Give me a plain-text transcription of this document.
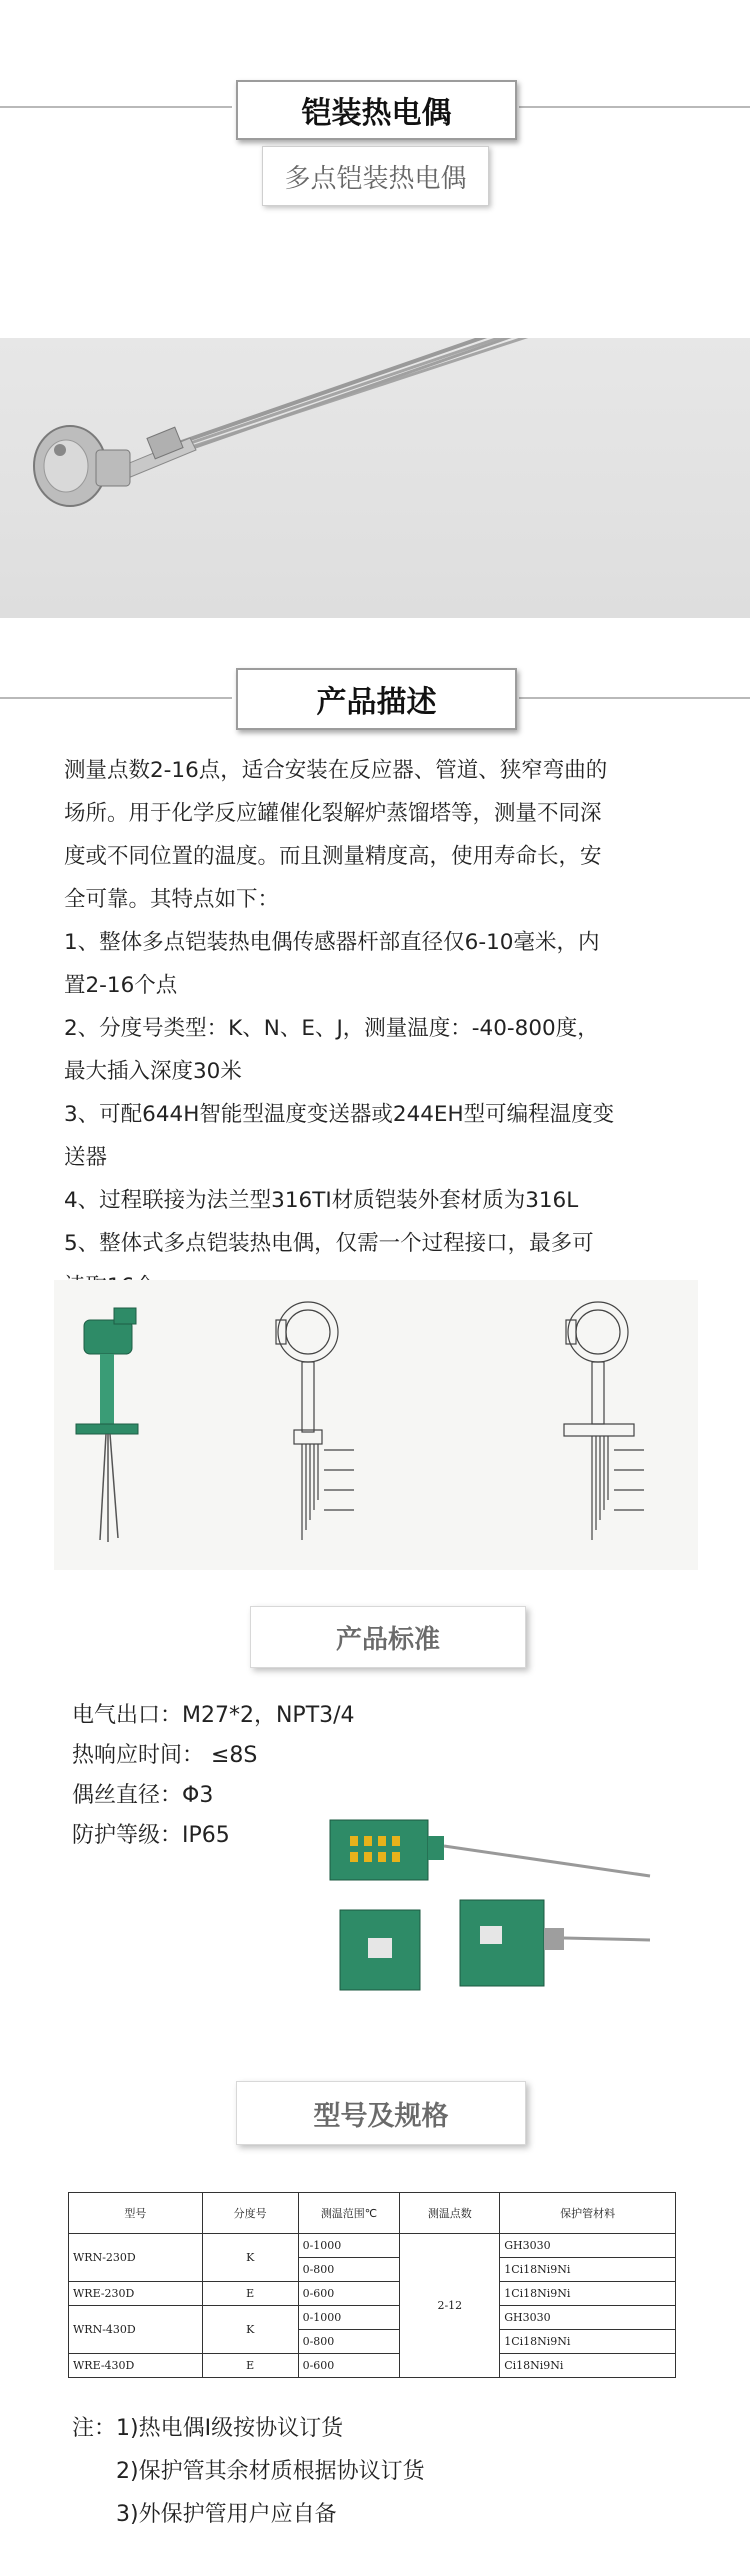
铠装热电偶
多点铠装热电偶
产品描述
测量点数2-16点，适合安装在反应器、管道、狭窄弯曲的
场所。用于化学反应罐催化裂解炉蒸馏塔等，测量不同深
度或不同位置的温度。而且测量精度高，使用寿命长，安
全可靠。其特点如下：
1、整体多点铠装热电偶传感器杆部直径仅6-10毫米，内
置2-16个点
2、分度号类型：K、N、E、J，测量温度：-40-800度，
最大插入深度30米
3、可配644H智能型温度变送器或244EH型可编程温度变
送器
4、过程联接为法兰型316TI材质铠装外套材质为316L
5、整体式多点铠装热电偶，仅需一个过程接口，最多可
产品标准
电气出口：M27*2，NPT3/4
热响应时间： ≤8S
偶丝直径：Φ3
防护等级：IP65
型号及规格
型号	分度号	测温范围℃	测温点数	保护管材料
WRN-230D	K	0-1000	2-12	GH3030
		0-800		1Ci18Ni9Ni
WRE-230D	E	0-600		1Ci18Ni9Ni
WRN-430D	K	0-1000		GH3030
		0-800		1Ci18Ni9Ni
WRE-430D	E	0-600		Ci18Ni9Ni
注：1)热电偶Ⅰ级按协议订货
2)保护管其余材质根据协议订货
3)外保护管用户应自备
